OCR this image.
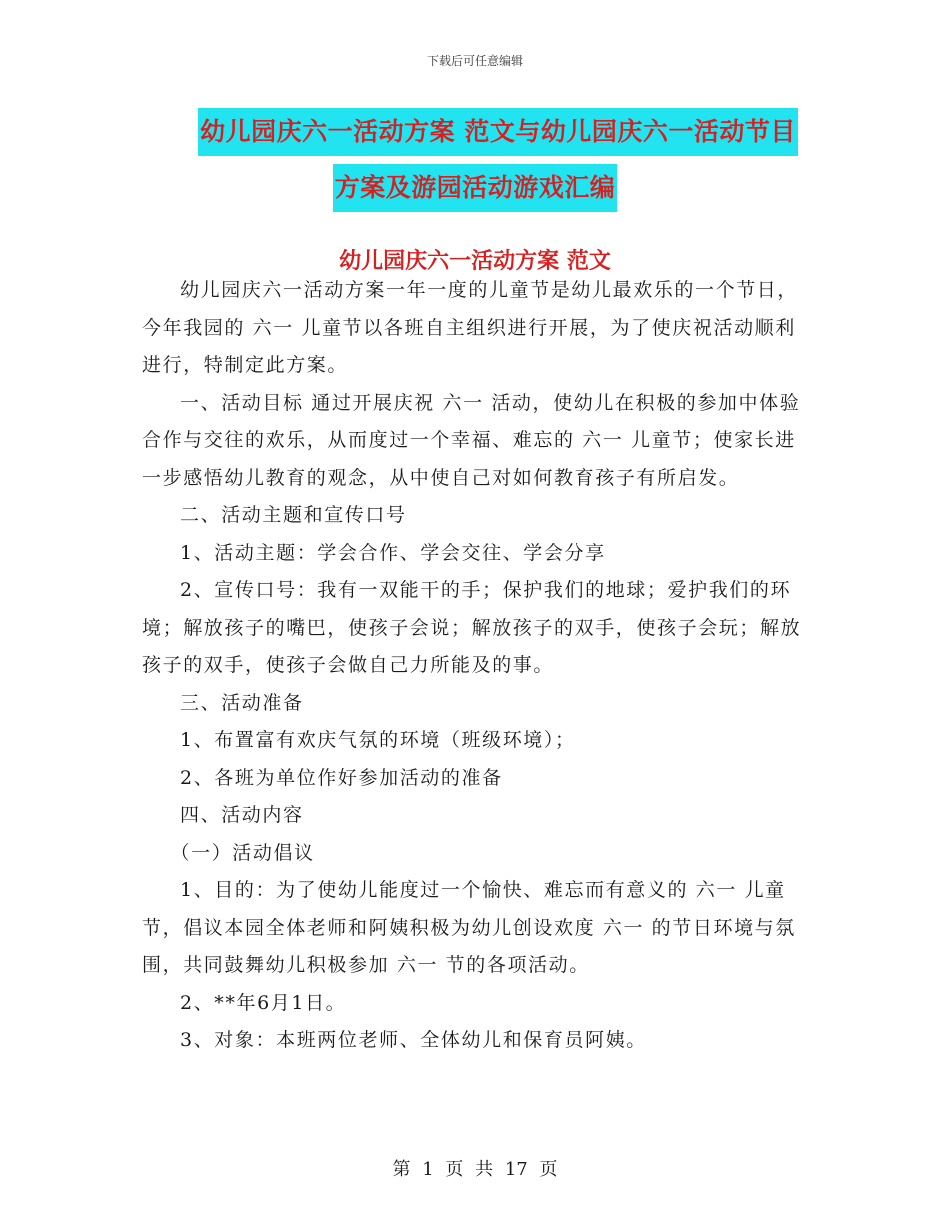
下载后可任意编辑
幼儿园庆六一活动方案 范文与幼儿园庆六一活动节目
方案及游园活动游戏汇编
幼儿园庆六一活动方案 范文

幼儿园庆六一活动方案一年一度的儿童节是幼儿最欢乐的一个节日，今年我园的 六一 儿童节以各班自主组织进行开展，为了使庆祝活动顺利进行，特制定此方案。

一、活动目标 通过开展庆祝 六一 活动，使幼儿在积极的参加中体验合作与交往的欢乐，从而度过一个幸福、难忘的 六一 儿童节；使家长进一步感悟幼儿教育的观念，从中使自己对如何教育孩子有所启发。

二、活动主题和宣传口号

1、活动主题：学会合作、学会交往、学会分享

2、宣传口号：我有一双能干的手；保护我们的地球；爱护我们的环境；解放孩子的嘴巴，使孩子会说；解放孩子的双手，使孩子会玩；解放孩子的双手，使孩子会做自己力所能及的事。

三、活动准备

1、布置富有欢庆气氛的环境（班级环境）；

2、各班为单位作好参加活动的准备

四、活动内容

（一）活动倡议

1、目的：为了使幼儿能度过一个愉快、难忘而有意义的 六一 儿童节，倡议本园全体老师和阿姨积极为幼儿创设欢度 六一 的节日环境与氛围，共同鼓舞幼儿积极参加 六一 节的各项活动。

2、**年6月1日。

3、对象：本班两位老师、全体幼儿和保育员阿姨。

第 1 页 共 17 页
